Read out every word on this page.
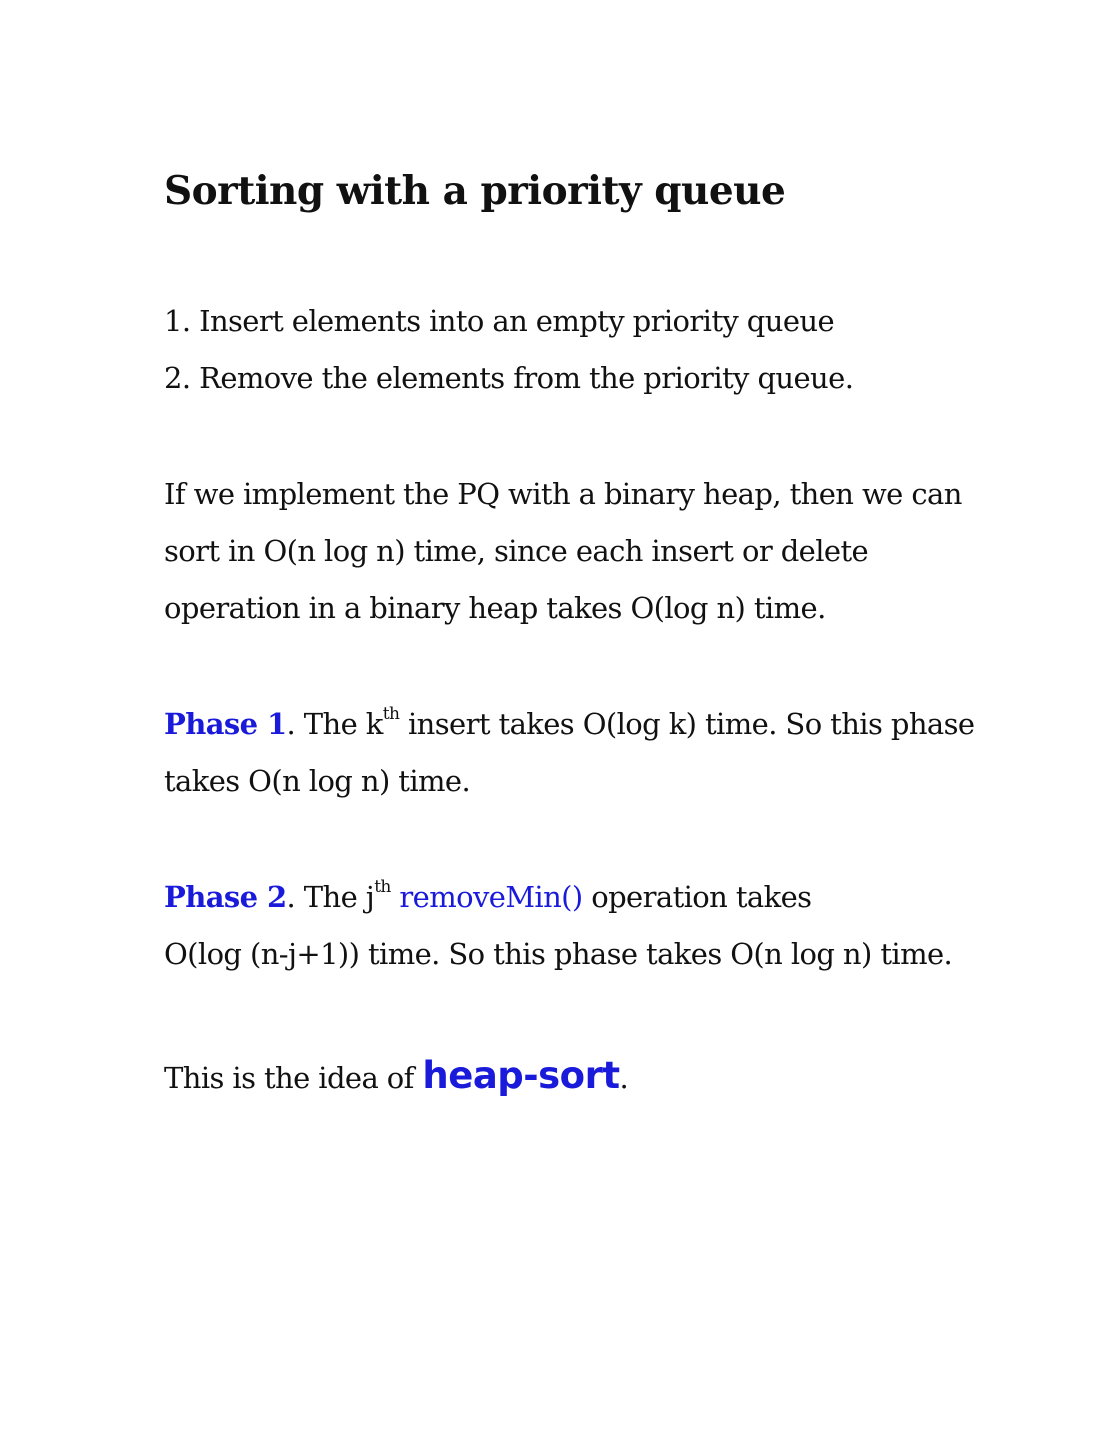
Sorting with a priority queue
1. Insert elements into an empty priority queue
2. Remove the elements from the priority queue.
If we implement the PQ with a binary heap, then we can
sort in O(n log n) time, since each insert or delete
operation in a binary heap takes O(log n) time.
Phase 1. The $k^{th}$ insert takes O(log k) time. So this phase
takes O(n log n) time.
Phase 2. The $j^{th}$ removeMin() operation takes
O(log (n-j+1)) time. So this phase takes O(n log n) time.
This is the idea of heap-sort.
